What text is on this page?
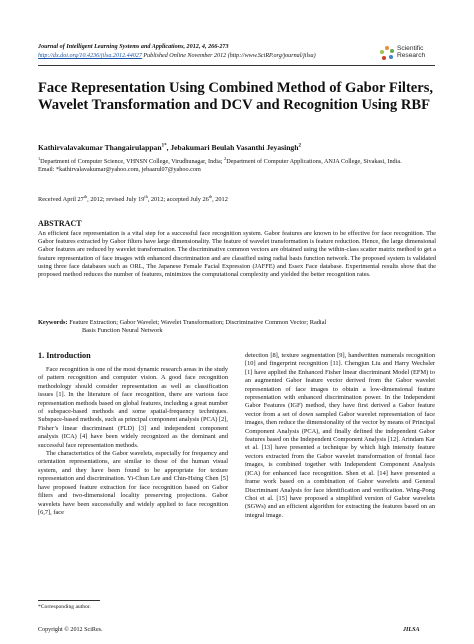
Journal of Intelligent Learning Systems and Applications, 2012, 4, 266-273
http://dx.doi.org/10.4236/jilsa.2012.44027 Published Online November 2012 (http://www.SciRP.org/journal/jilsa)
Scientific
Research
Face Representation Using Combined Method of Gabor Filters, Wavelet Transformation and DCV and Recognition Using RBF
Kathirvalavakumar Thangairulappan$^{1*}$, Jebakumari Beulah Vasanthi Jeyasingh$^2$
$^1$Department of Computer Science, VHNSN College, Virudhunagar, India; $^2$Department of Computer Applications, ANJA College, Sivakasi, India.
Email: *kathirvalavakumar@yahoo.com, jebaarul07@yahoo.com
Received April 27th, 2012; revised July 19th, 2012; accepted July 26th, 2012
ABSTRACT
An efficient face representation is a vital step for a successful face recognition system. Gabor features are known to be effective for face recognition. The Gabor features extracted by Gabor filters have large dimensionality. The feature of wavelet transformation is feature reduction. Hence, the large dimensional Gabor features are reduced by wavelet transformation. The discriminative common vectors are obtained using the within-class scatter matrix method to get a feature representation of face images with enhanced discrimination and are classified using radial basis function network. The proposed system is validated using three face databases such as ORL, The Japanese Female Facial Expression (JAFFE) and Essex Face database. Experimental results show that the proposed method reduces the number of features, minimizes the computational complexity and yielded the better recognition rates.
Keywords: Feature Extraction; Gabor Wavelet; Wavelet Transformation; Discriminative Common Vector; Radial
Basis Function Neural Network
1. Introduction

Face recognition is one of the most dynamic research areas in the study of pattern recognition and computer vision. A good face recognition methodology should consider representation as well as classification issues [1]. In the literature of face recognition, there are various face representation methods based on global features, including a great number of subspace-based methods and some spatial-frequency techniques. Subspace-based methods, such as principal component analysis (PCA) [2], Fisher’s linear discriminant (FLD) [3] and independent component analysis (ICA) [4] have been widely recognized as the dominant and successful face representation methods.

The characteristics of the Gabor wavelets, especially for frequency and orientation representations, are similar to those of the human visual system, and they have been found to be appropriate for texture representation and discrimination. Yi-Chun Lee and Chin-Hsing Chen [5] have proposed feature extraction for face recognition based on Gabor filters and two-dimensional locality preserving projections. Gabor wavelets have been successfully and widely applied to face recognition [6,7], face

detection [8], texture segmentation [9], handwritten numerals recognition [10] and fingerprint recognition [11]. Chengjun Liu and Harry Wechsler [1] have applied the Enhanced Fisher linear discriminant Model (EFM) to an augmented Gabor feature vector derived from the Gabor wavelet representation of face images to obtain a low-dimensional feature representation with enhanced discrimination power. In the Independent Gabor Features (IGF) method, they have first derived a Gabor feature vector from a set of down sampled Gabor wavelet representation of face images, then reduce the dimensionality of the vector by means of Principal Component Analysis (PCA), and finally defined the independent Gabor features based on the Independent Component Analysis [12]. Arindam Kar et al. [13] have presented a technique by which high intensity feature vectors extracted from the Gabor wavelet transformation of frontal face images, is combined together with Independent Component Analysis (ICA) for enhanced face recognition. Shen et al. [14] have presented a frame work based on a combination of Gabor wavelets and General Discriminant Analysis for face identification and verification. Wing-Pong Choi et al. [15] have proposed a simplified version of Gabor wavelets (SGWs) and an efficient algorithm for extracting the features based on an integral image.

*Corresponding author.
Copyright © 2012 SciRes.	JILSA
